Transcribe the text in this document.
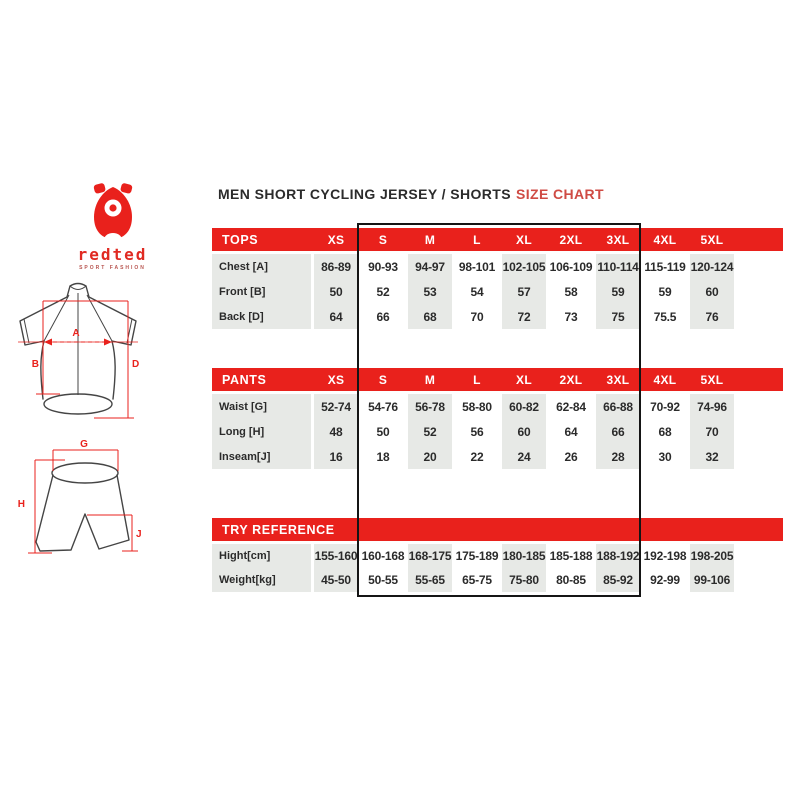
redted
SPORT FASHION
MEN SHORT CYCLING JERSEY / SHORTS SIZE CHART
A
B	D
G
H
J
TOPS	XS	S	M	L	XL	2XL	3XL	4XL	5XL
Chest [A]	86-89	90-93	94-97	98-101 102-105 106-109 110-114 115-119 120-124
Front [B]	50	52	53	54	57	58	59	59	60
Back [D]	64	66	68	70	72	73	75	75.5	76
PANTS	XS	S	M	L	XL	2XL	3XL	4XL	5XL
Waist [G]	52-74	54-76	56-78	58-80	60-82	62-84	66-88	70-92	74-96
Long [H]	48	50	52	56	60	64	66	68	70
Inseam[J]	16	18	20	22	24	26	28	30	32
TRY REFERENCE
Hight[cm]	155-160 160-168 168-175 175-189 180-185 185-188 188-192 192-198 198-205
Weight[kg]	45-50	50-55	55-65	65-75	75-80	80-85	85-92	92-99	99-106
